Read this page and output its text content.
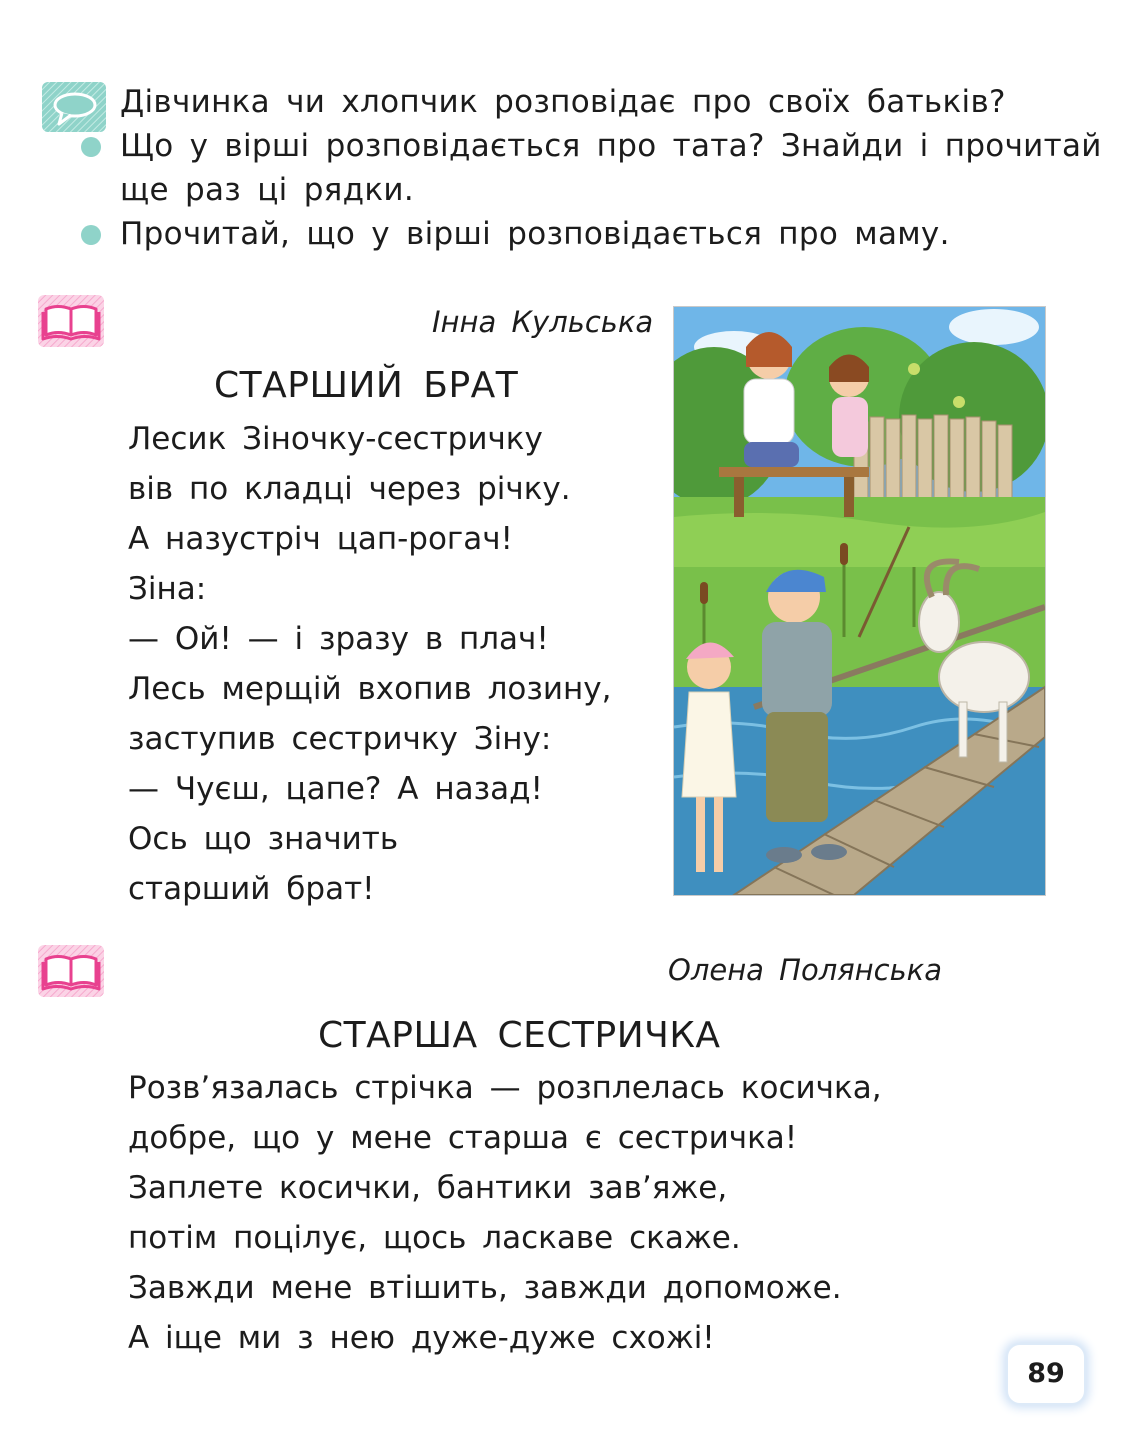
Дівчинка чи хлопчик розповідає про своїх батьків?
Що у вірші розповідається про тата? Знайди і прочитай
ще раз ці рядки.
Прочитай, що у вірші розповідається про маму.
Інна Кульська
СТАРШИЙ БРАТ
Лесик Зіночку-сестричку
вів по кладці через річку.
А назустріч цап-рогач!
Зіна:
— Ой! — і зразу в плач!
Лесь мерщій вхопив лозину,
заступив сестричку Зіну:
— Чуєш, цапе? А назад!
Ось що значить
старший брат!
Олена Полянська
СТАРША СЕСТРИЧКА
Розв’язалась стрічка — розплелась косичка,
добре, що у мене старша є сестричка!
Заплете косички, бантики зав’яже,
потім поцілує, щось ласкаве скаже.
Завжди мене втішить, завжди допоможе.
А іще ми з нею дуже-дуже схожі!
89
